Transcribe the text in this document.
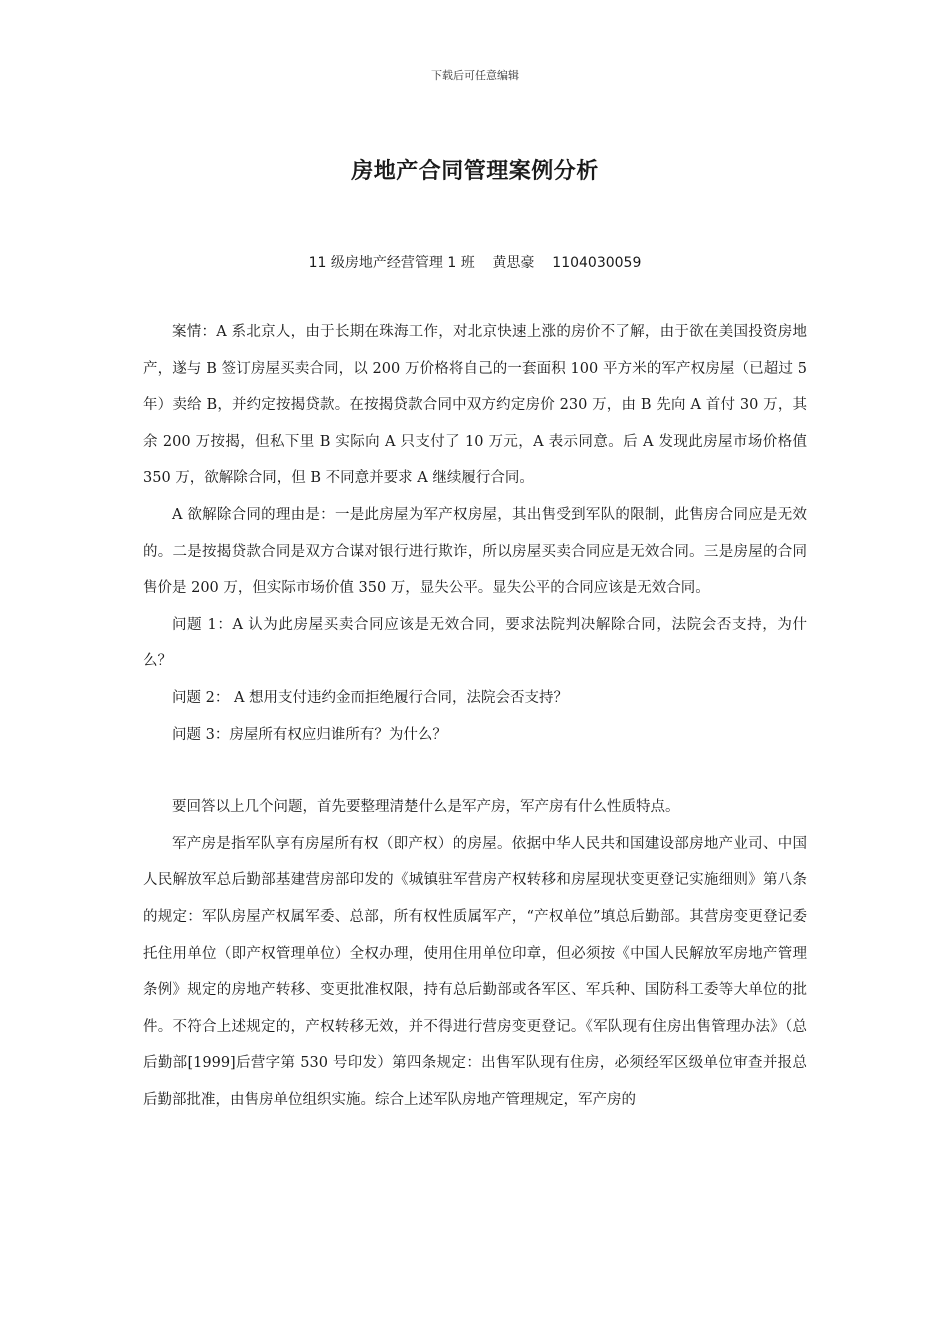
下载后可任意编辑
房地产合同管理案例分析
11 级房地产经营管理 1 班    黄思豪    1104030059

案情：A 系北京人，由于长期在珠海工作，对北京快速上涨的房价不了解，由于欲在美国投资房地产，遂与 B 签订房屋买卖合同，以 200 万价格将自己的一套面积 100 平方米的军产权房屋（已超过 5 年）卖给 B，并约定按揭贷款。在按揭贷款合同中双方约定房价 230 万，由 B 先向 A 首付 30 万，其余 200 万按揭，但私下里 B 实际向 A 只支付了 10 万元，A 表示同意。后 A 发现此房屋市场价格值 350 万，欲解除合同，但 B 不同意并要求 A 继续履行合同。

A 欲解除合同的理由是：一是此房屋为军产权房屋，其出售受到军队的限制，此售房合同应是无效的。二是按揭贷款合同是双方合谋对银行进行欺诈，所以房屋买卖合同应是无效合同。三是房屋的合同售价是 200 万，但实际市场价值 350 万，显失公平。显失公平的合同应该是无效合同。

问题 1：A 认为此房屋买卖合同应该是无效合同，要求法院判决解除合同，法院会否支持，为什么？

问题 2： A 想用支付违约金而拒绝履行合同，法院会否支持？

问题 3：房屋所有权应归谁所有？为什么？

要回答以上几个问题，首先要整理清楚什么是军产房，军产房有什么性质特点。

军产房是指军队享有房屋所有权（即产权）的房屋。依据中华人民共和国建设部房地产业司、中国人民解放军总后勤部基建营房部印发的《城镇驻军营房产权转移和房屋现状变更登记实施细则》第八条的规定：军队房屋产权属军委、总部，所有权性质属军产，“产权单位”填总后勤部。其营房变更登记委托住用单位（即产权管理单位）全权办理，使用住用单位印章，但必须按《中国人民解放军房地产管理条例》规定的房地产转移、变更批准权限，持有总后勤部或各军区、军兵种、国防科工委等大单位的批件。不符合上述规定的，产权转移无效，并不得进行营房变更登记。《军队现有住房出售管理办法》（总后勤部[1999]后营字第 530 号印发）第四条规定：出售军队现有住房，必须经军区级单位审查并报总后勤部批准，由售房单位组织实施。综合上述军队房地产管理规定，军产房的
